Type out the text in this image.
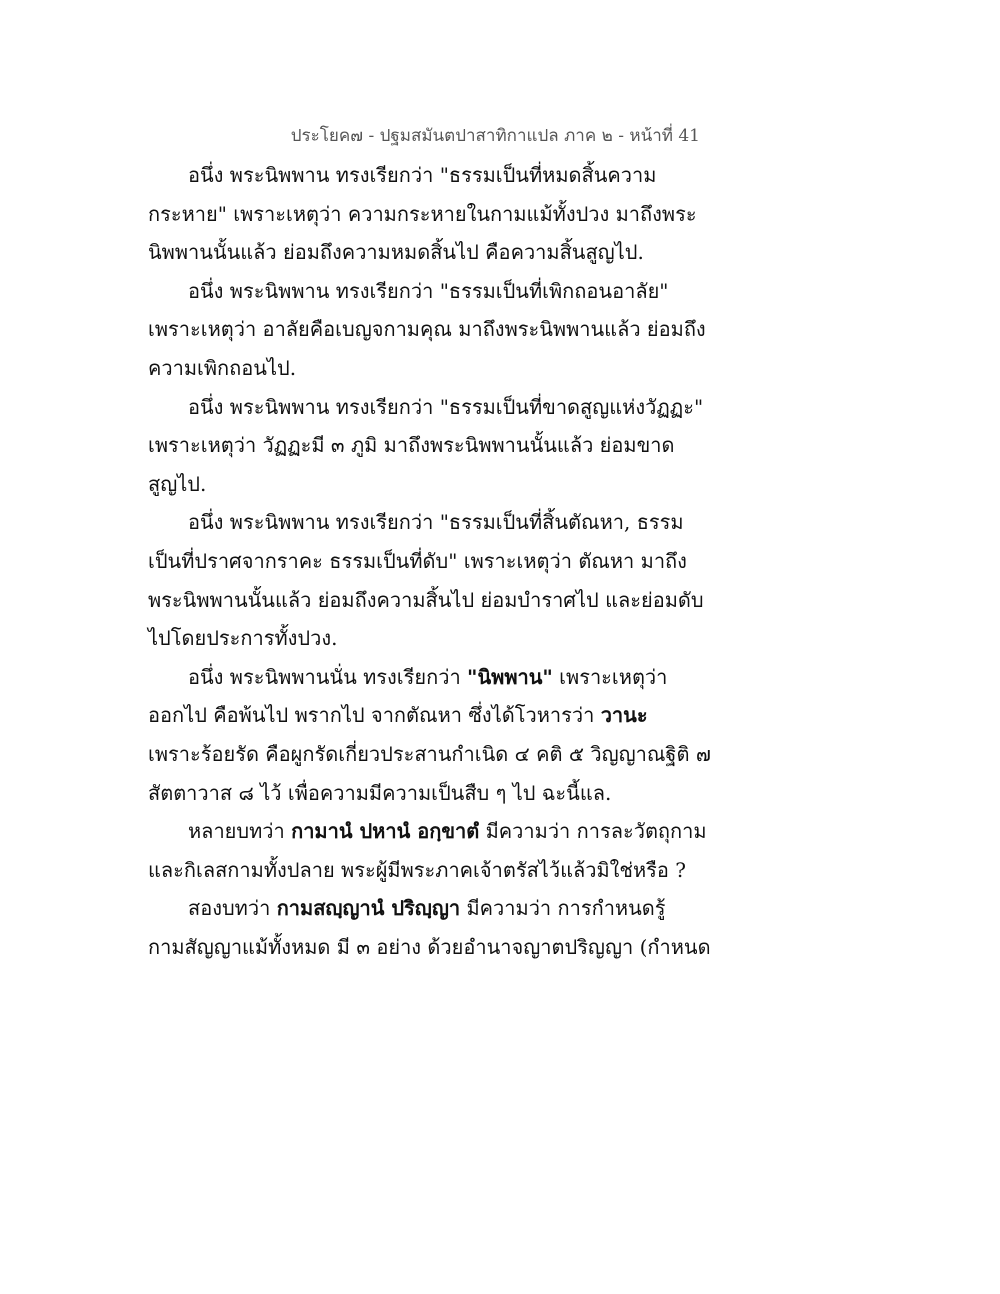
ประโยค๗ - ปฐมสมันตปาสาทิกาแปล ภาค ๒ - หน้าที่ 41
อนึ่ง พระนิพพาน ทรงเรียกว่า "ธรรมเป็นที่หมดสิ้นความ
กระหาย" เพราะเหตุว่า ความกระหายในกามแม้ทั้งปวง มาถึงพระ
นิพพานนั้นแล้ว ย่อมถึงความหมดสิ้นไป คือความสิ้นสูญไป.
อนึ่ง พระนิพพาน ทรงเรียกว่า "ธรรมเป็นที่เพิกถอนอาลัย"
เพราะเหตุว่า อาลัยคือเบญจกามคุณ มาถึงพระนิพพานแล้ว ย่อมถึง
ความเพิกถอนไป.
อนึ่ง พระนิพพาน ทรงเรียกว่า "ธรรมเป็นที่ขาดสูญแห่งวัฏฏะ"
เพราะเหตุว่า วัฏฏะมี ๓ ภูมิ มาถึงพระนิพพานนั้นแล้ว ย่อมขาด
สูญไป.
อนึ่ง พระนิพพาน ทรงเรียกว่า "ธรรมเป็นที่สิ้นตัณหา, ธรรม
เป็นที่ปราศจากราคะ ธรรมเป็นที่ดับ" เพราะเหตุว่า ตัณหา มาถึง
พระนิพพานนั้นแล้ว ย่อมถึงความสิ้นไป ย่อมบำราศไป และย่อมดับ
ไปโดยประการทั้งปวง.
อนึ่ง พระนิพพานนั่น ทรงเรียกว่า "นิพพาน" เพราะเหตุว่า
ออกไป คือพ้นไป พรากไป จากตัณหา ซึ่งได้โวหารว่า วานะ
เพราะร้อยรัด คือผูกรัดเกี่ยวประสานกำเนิด ๔ คติ ๕ วิญญาณฐิติ ๗
สัตตาวาส ๘ ไว้ เพื่อความมีความเป็นสืบ ๆ ไป ฉะนี้แล.
หลายบทว่า กามานํ ปหานํ อกฺขาตํ มีความว่า การละวัตถุกาม
และกิเลสกามทั้งปลาย พระผู้มีพระภาคเจ้าตรัสไว้แล้วมิใช่หรือ ?
สองบทว่า กามสญฺญานํ ปริญฺญา มีความว่า การกำหนดรู้
กามสัญญาแม้ทั้งหมด มี ๓ อย่าง ด้วยอำนาจญาตปริญญา (กำหนด
